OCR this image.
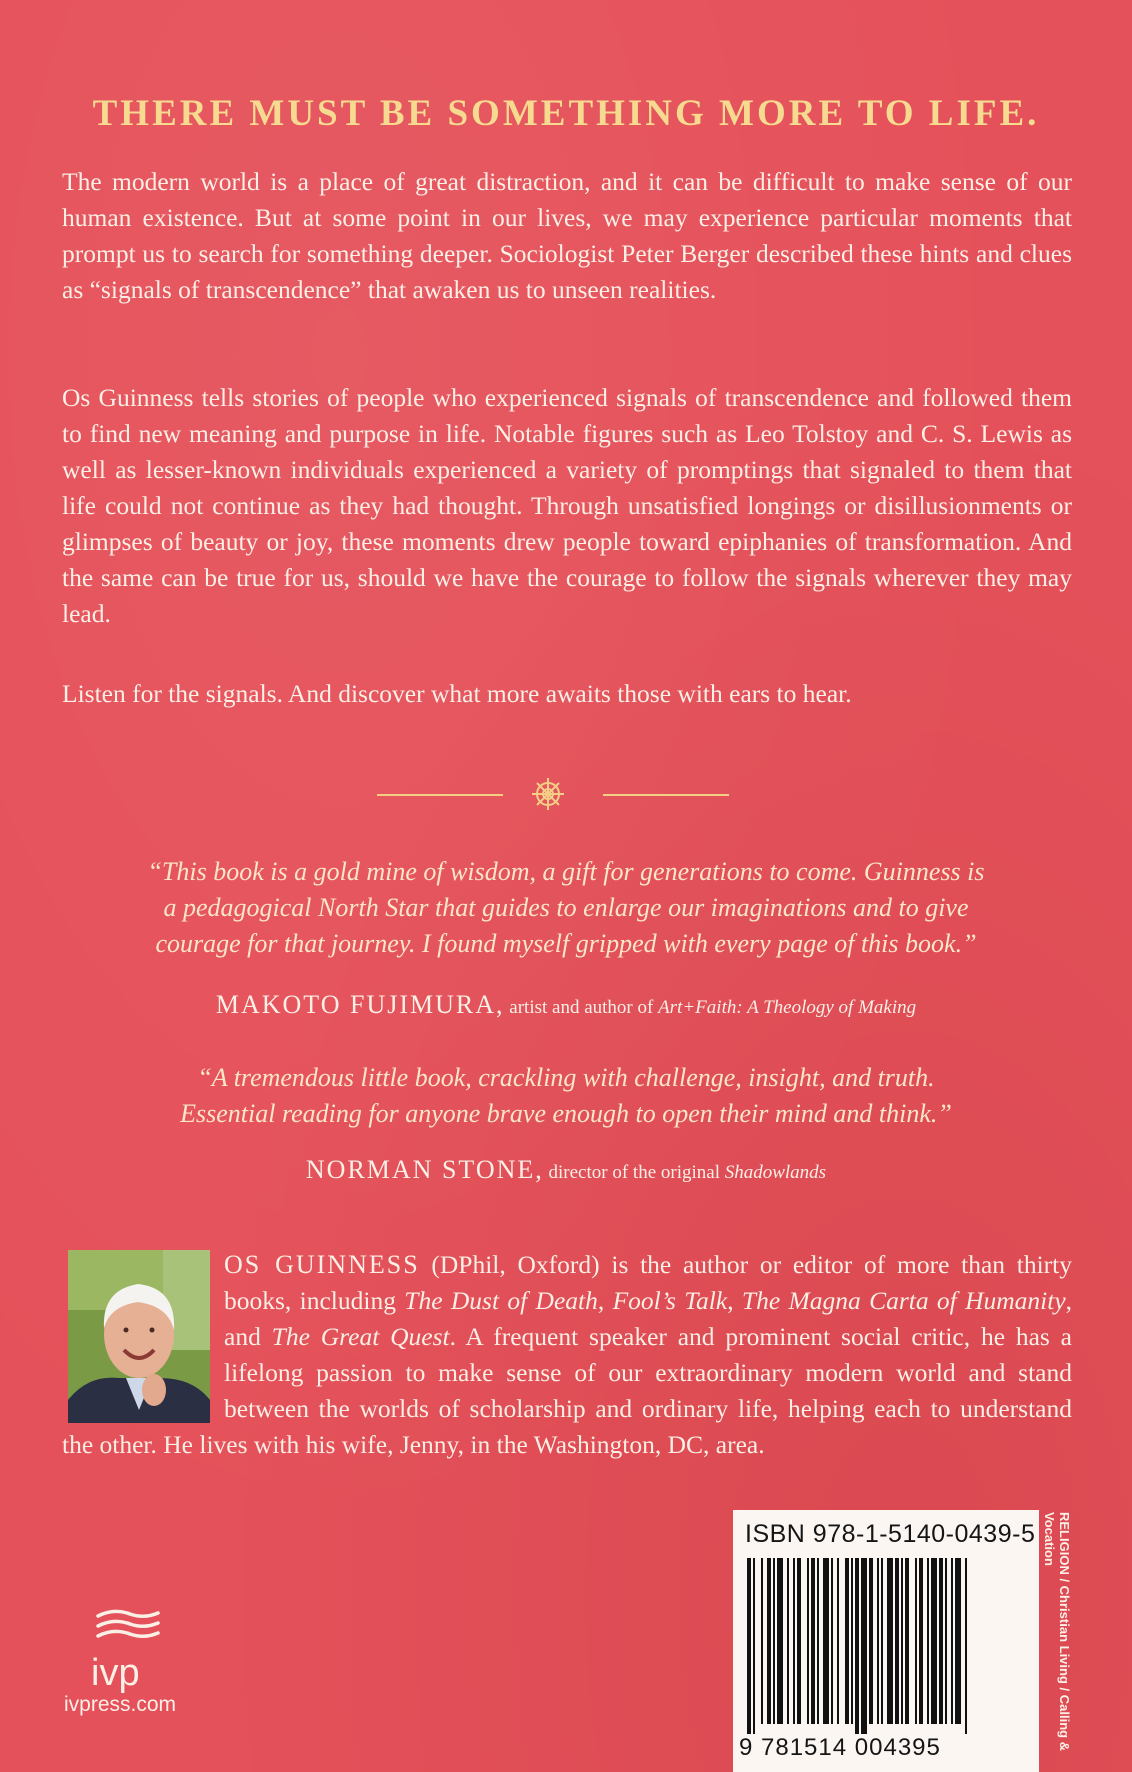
THERE MUST BE SOMETHING MORE TO LIFE.

The modern world is a place of great distraction, and it can be difficult to make sense of our human existence. But at some point in our lives, we may experience particular moments that prompt us to search for something deeper. Sociologist Peter Berger described these hints and clues as “signals of transcendence” that awaken us to unseen realities.

Os Guinness tells stories of people who experienced signals of transcendence and followed them to find new meaning and purpose in life. Notable figures such as Leo Tolstoy and C. S. Lewis as well as lesser-known individuals experienced a variety of promptings that signaled to them that life could not continue as they had thought. Through unsatisfied longings or disillusionments or glimpses of beauty or joy, these moments drew people toward epiphanies of transformation. And the same can be true for us, should we have the courage to follow the signals wherever they may lead.

Listen for the signals. And discover what more awaits those with ears to hear.

“This book is a gold mine of wisdom, a gift for generations to come. Guinness is
a pedagogical North Star that guides to enlarge our imaginations and to give
courage for that journey. I found myself gripped with every page of this book.”

MAKOTO FUJIMURA, artist and author of Art+Faith: A Theology of Making

“A tremendous little book, crackling with challenge, insight, and truth.
Essential reading for anyone brave enough to open their mind and think.”

NORMAN STONE, director of the original Shadowlands

OS GUINNESS (DPhil, Oxford) is the author or editor of more than thirty books, including The Dust of Death, Fool’s Talk, The Magna Carta of Humanity, and The Great Quest. A frequent speaker and prominent social critic, he has a lifelong passion to make sense of our extraordinary modern world and stand between the worlds of scholarship and ordinary life, helping each to understand the other. He lives with his wife, Jenny, in the Washington, DC, area.

ivp

ivpress.com

ISBN 978-1-5140-0439-5

9 781514 004395	RELIGION / Christian Living / Calling & Vocation
